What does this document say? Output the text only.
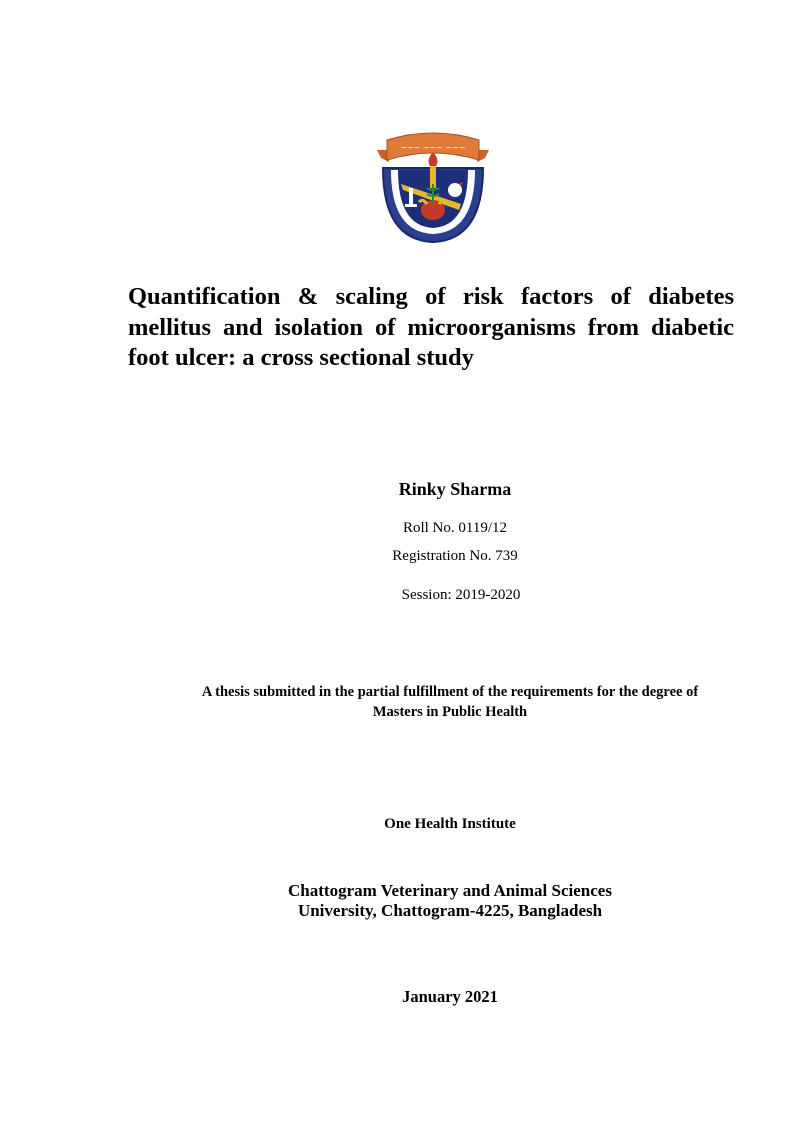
~~~ ~~~ ~~~
Quantification & scaling of risk factors of diabetes mellitus and isolation of microorganisms from diabetic foot ulcer: a cross sectional study

Rinky Sharma

Roll No. 0119/12

Registration No. 739

Session: 2019-2020

A thesis submitted in the partial fulfillment of the requirements for the degree of
Masters in Public Health

One Health Institute

Chattogram Veterinary and Animal Sciences
University, Chattogram-4225, Bangladesh

January 2021
